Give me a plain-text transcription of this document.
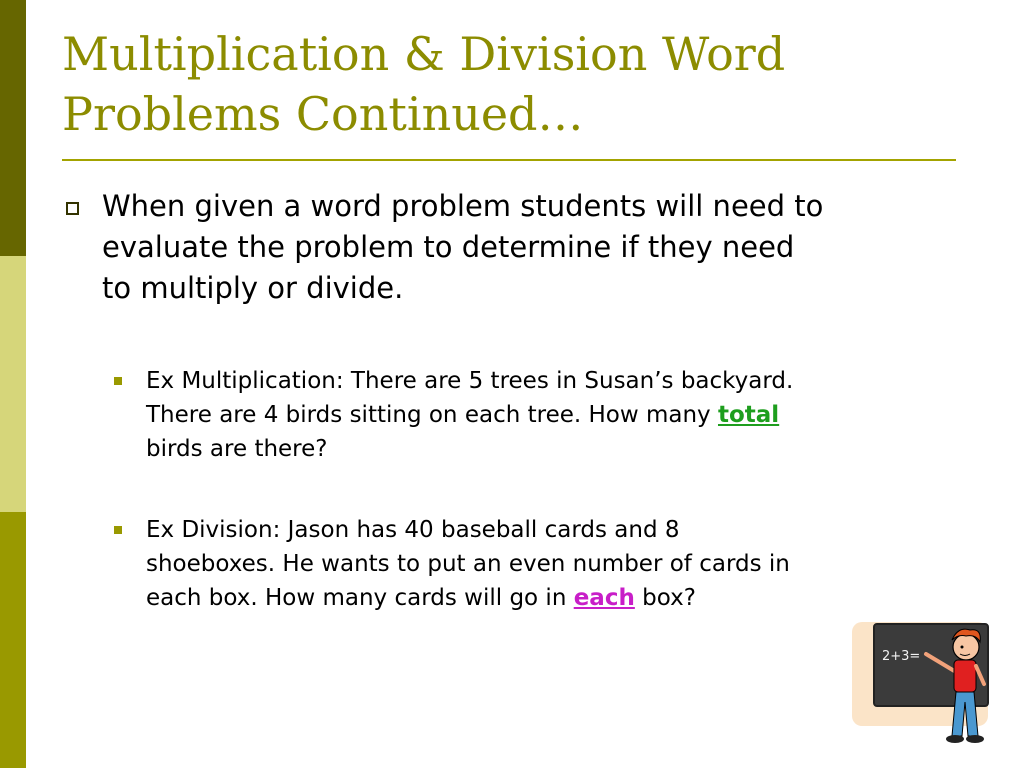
Multiplication & Division Word
Problems Continued…
When given a word problem students will need to
evaluate the problem to determine if they need
to multiply or divide.
Ex Multiplication: There are 5 trees in Susan’s backyard.
There are 4 birds sitting on each tree. How many total
birds are there?
Ex Division: Jason has 40 baseball cards and 8
shoeboxes. He wants to put an even number of cards in
each box. How many cards will go in each box?
2+3=
